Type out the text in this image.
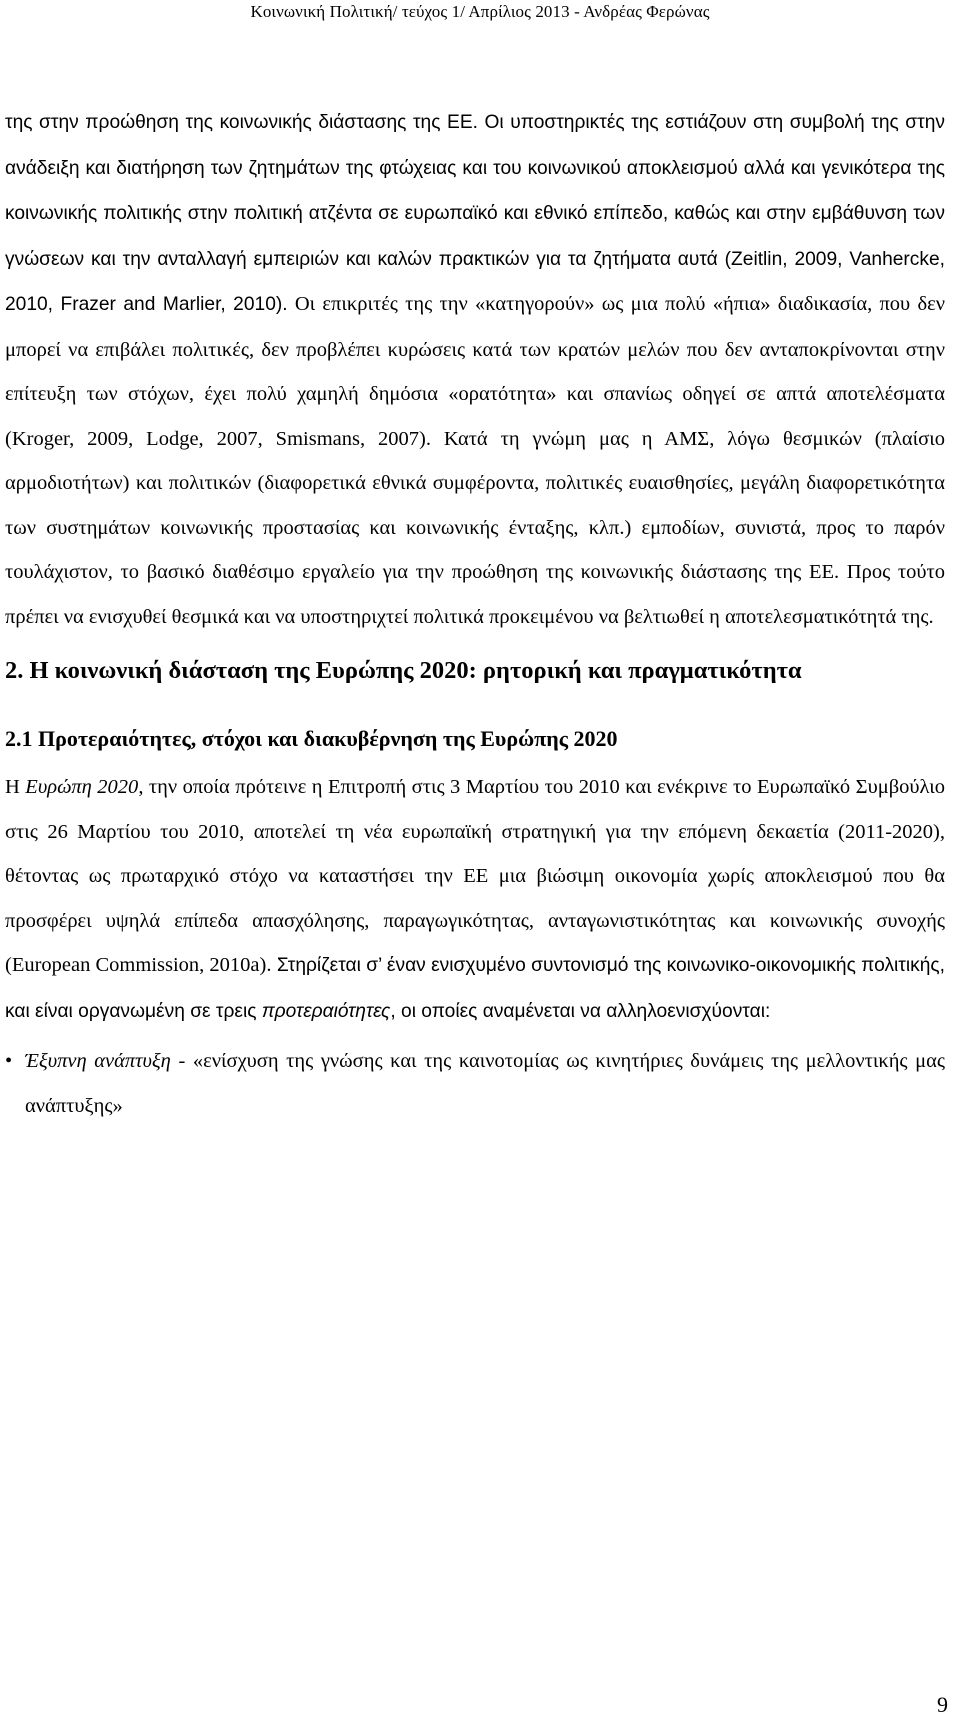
Κοινωνική Πολιτική/ τεύχος 1/ Απρίλιος 2013 - Ανδρέας Φερώνας

της στην προώθηση της κοινωνικής διάστασης της ΕΕ. Οι υποστηρικτές της εστιάζουν στη συμβολή της στην ανάδειξη και διατήρηση των ζητημάτων της φτώχειας και του κοινωνικού αποκλεισμού αλλά και γενικότερα της κοινωνικής πολιτικής στην πολιτική ατζέντα σε ευρωπαϊκό και εθνικό επίπεδο, καθώς και στην εμβάθυνση των γνώσεων και την ανταλλαγή εμπειριών και καλών πρακτικών για τα ζητήματα αυτά (Zeitlin, 2009, Vanhercke, 2010, Frazer and Marlier, 2010). Οι επικριτές της την «κατηγορούν» ως μια πολύ «ήπια» διαδικασία, που δεν μπορεί να επιβάλει πολιτικές, δεν προβλέπει κυρώσεις κατά των κρατών μελών που δεν ανταποκρίνονται στην επίτευξη των στόχων, έχει πολύ χαμηλή δημόσια «ορατότητα» και σπανίως οδηγεί σε απτά αποτελέσματα (Kroger, 2009, Lodge, 2007, Smismans, 2007). Κατά τη γνώμη μας η ΑΜΣ, λόγω θεσμικών (πλαίσιο αρμοδιοτήτων) και πολιτικών (διαφορετικά εθνικά συμφέροντα, πολιτικές ευαισθησίες, μεγάλη διαφορετικότητα των συστημάτων κοινωνικής προστασίας και κοινωνικής ένταξης, κλπ.) εμποδίων, συνιστά, προς το παρόν τουλάχιστον, το βασικό διαθέσιμο εργαλείο για την προώθηση της κοινωνικής διάστασης της ΕΕ. Προς τούτο πρέπει να ενισχυθεί θεσμικά και να υποστηριχτεί πολιτικά προκειμένου να βελτιωθεί η αποτελεσματικότητά της.

2. Η κοινωνική διάσταση της Ευρώπης 2020: ρητορική και πραγματικότητα
2.1 Προτεραιότητες, στόχοι και διακυβέρνηση της Ευρώπης 2020

Η Ευρώπη 2020, την οποία πρότεινε η Επιτροπή στις 3 Μαρτίου του 2010 και ενέκρινε το Ευρωπαϊκό Συμβούλιο στις 26 Μαρτίου του 2010, αποτελεί τη νέα ευρωπαϊκή στρατηγική για την επόμενη δεκαετία (2011-2020), θέτοντας ως πρωταρχικό στόχο να καταστήσει την ΕΕ μια βιώσιμη οικονομία χωρίς αποκλεισμού που θα προσφέρει υψηλά επίπεδα απασχόλησης, παραγωγικότητας, ανταγωνιστικότητας και κοινωνικής συνοχής (European Commission, 2010a). Στηρίζεται σ’ έναν ενισχυμένο συντονισμό της κοινωνικο-οικονομικής πολιτικής, και είναι οργανωμένη σε τρεις προτεραιότητες, οι οποίες αναμένεται να αλληλοενισχύονται:

• Έξυπνη ανάπτυξη - «ενίσχυση της γνώσης και της καινοτομίας ως κινητήριες δυνάμεις της μελλοντικής μας ανάπτυξης»

9
